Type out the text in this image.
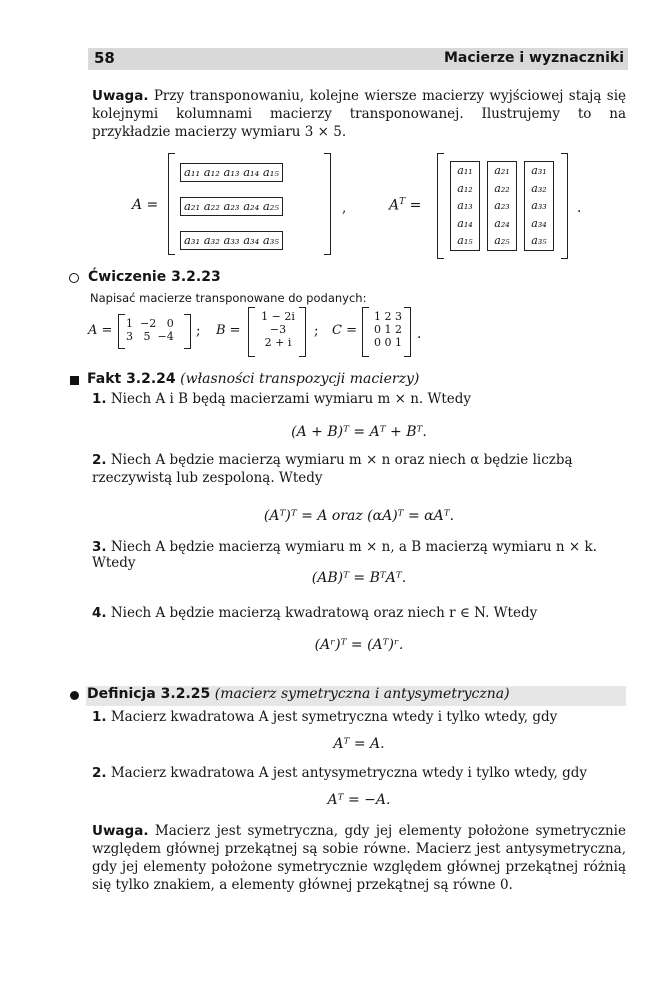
58	Macierze i wyznaczniki
Uwaga. Przy transponowaniu, kolejne wiersze macierzy wyjściowej stają się kolejnymi kolumnami macierzy transponowanej. Ilustrujemy to na przykładzie macierzy wymiaru 3 × 5.
A =
a₁₁ a₁₂ a₁₃ a₁₄ a₁₅
a₂₁ a₂₂ a₂₃ a₂₄ a₂₅
a₃₁ a₃₂ a₃₃ a₃₄ a₃₅
,	$A^T$ =
a₁₁
a₁₂
a₁₃
a₁₄
a₁₅
a₂₁
a₂₂
a₂₃
a₂₄
a₂₅
a₃₁
a₃₂
a₃₃
a₃₄
a₃₅
.
Ćwiczenie 3.2.23
Napisać macierze transponowane do podanych:
A = 1  −2   0
3   5  −4 ; B =
1 − 2i
−3
2 + i
; C =
1 2 3
0 1 2
0 0 1
.
Fakt 3.2.24 (własności transpozycji macierzy)
1. Niech A i B będą macierzami wymiaru m × n. Wtedy
(A + B)ᵀ = Aᵀ + Bᵀ.
2. Niech A będzie macierzą wymiaru m × n oraz niech α będzie liczbą rzeczywistą lub zespoloną. Wtedy
(Aᵀ)ᵀ = A oraz (αA)ᵀ = αAᵀ.
3. Niech A będzie macierzą wymiaru m × n, a B macierzą wymiaru n × k. Wtedy
(AB)ᵀ = BᵀAᵀ.
4. Niech A będzie macierzą kwadratową oraz niech r ∈ N. Wtedy
(Aʳ)ᵀ = (Aᵀ)ʳ.
Definicja 3.2.25 (macierz symetryczna i antysymetryczna)
1. Macierz kwadratowa A jest symetryczna wtedy i tylko wtedy, gdy
Aᵀ = A.
2. Macierz kwadratowa A jest antysymetryczna wtedy i tylko wtedy, gdy
Aᵀ = −A.
Uwaga. Macierz jest symetryczna, gdy jej elementy położone symetrycznie względem głównej przekątnej są sobie równe. Macierz jest antysymetryczna, gdy jej elementy położone symetrycznie względem głównej przekątnej różnią się tylko znakiem, a elementy głównej przekątnej są równe 0.
